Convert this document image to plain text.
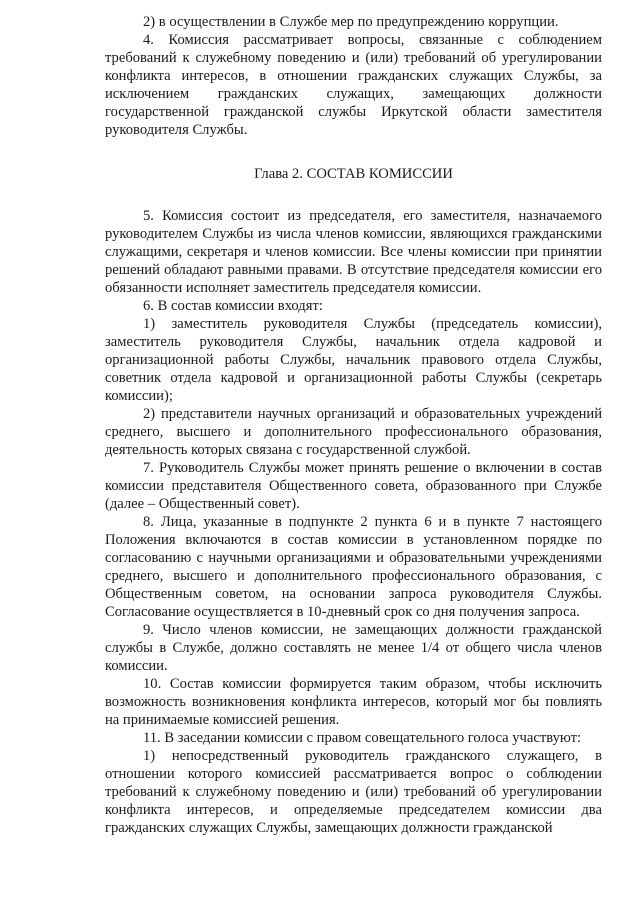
2) в осуществлении в Службе мер по предупреждению коррупции.

4. Комиссия рассматривает вопросы, связанные с соблюдением требований к служебному поведению и (или) требований об урегулировании конфликта интересов, в отношении гражданских служащих Службы, за исключением гражданских служащих, замещающих должности государственной гражданской службы Иркутской области заместителя руководителя Службы.

Глава 2. СОСТАВ КОМИССИИ

5. Комиссия состоит из председателя, его заместителя, назначаемого руководителем Службы из числа членов комиссии, являющихся гражданскими служащими, секретаря и членов комиссии. Все члены комиссии при принятии решений обладают равными правами. В отсутствие председателя комиссии его обязанности исполняет заместитель председателя комиссии.

6. В состав комиссии входят:

1) заместитель руководителя Службы (председатель комиссии), заместитель руководителя Службы, начальник отдела кадровой и организационной работы Службы, начальник правового отдела Службы, советник отдела кадровой и организационной работы Службы (секретарь комиссии);

2) представители научных организаций и образовательных учреждений среднего, высшего и дополнительного профессионального образования, деятельность которых связана с государственной службой.

7. Руководитель Службы может принять решение о включении в состав комиссии представителя Общественного совета, образованного при Службе (далее – Общественный совет).

8. Лица, указанные в подпункте 2 пункта 6 и в пункте 7 настоящего Положения включаются в состав комиссии в установленном порядке по согласованию с научными организациями и образовательными учреждениями среднего, высшего и дополнительного профессионального образования, с Общественным советом, на основании запроса руководителя Службы. Согласование осуществляется в 10-дневный срок со дня получения запроса.

9. Число членов комиссии, не замещающих должности гражданской службы в Службе, должно составлять не менее 1/4 от общего числа членов комиссии.

10. Состав комиссии формируется таким образом, чтобы исключить возможность возникновения конфликта интересов, который мог бы повлиять на принимаемые комиссией решения.

11. В заседании комиссии с правом совещательного голоса участвуют:

1) непосредственный руководитель гражданского служащего, в отношении которого комиссией рассматривается вопрос о соблюдении требований к служебному поведению и (или) требований об урегулировании конфликта интересов, и определяемые председателем комиссии два гражданских служащих Службы, замещающих должности гражданской
